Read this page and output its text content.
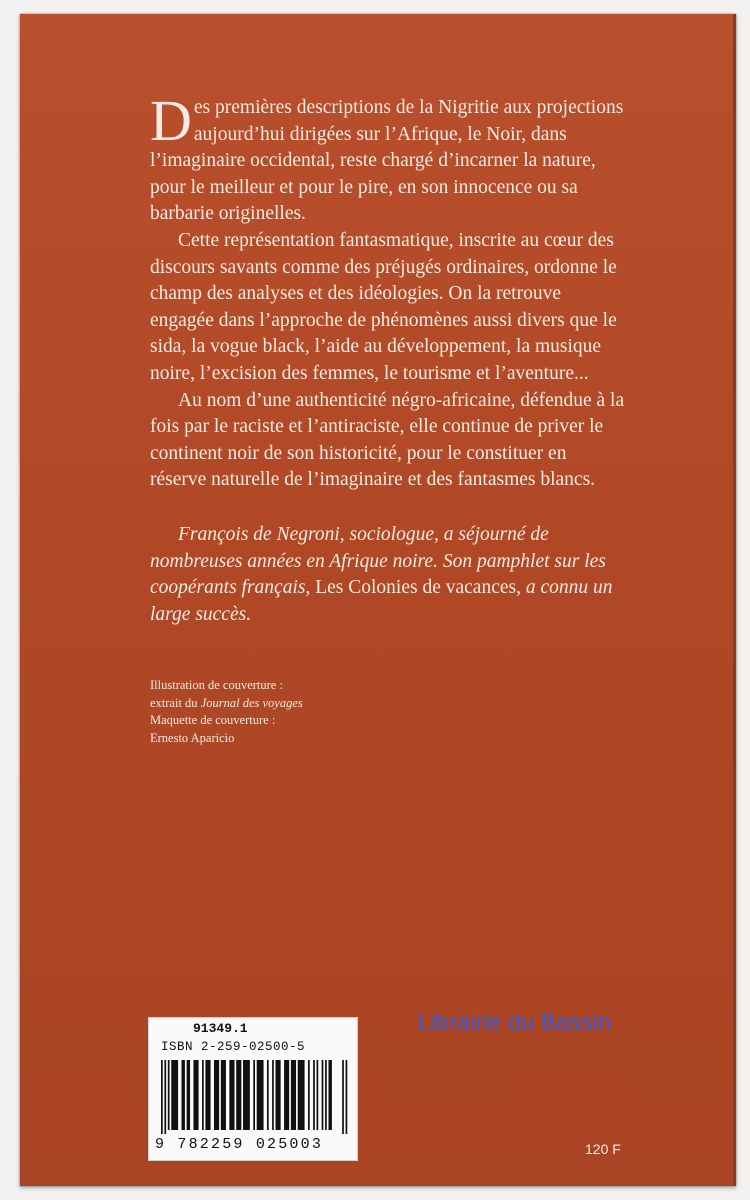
Des premières descriptions de la Nigritie aux projections aujourd’hui dirigées sur l’Afrique, le Noir, dans l’imaginaire occidental, reste chargé d’incarner la nature, pour le meilleur et pour le pire, en son innocence ou sa barbarie originelles.

Cette représentation fantasmatique, inscrite au cœur des discours savants comme des préjugés ordinaires, ordonne le champ des analyses et des idéologies. On la retrouve engagée dans l’approche de phénomènes aussi divers que le sida, la vogue black, l’aide au développement, la musique noire, l’excision des femmes, le tourisme et l’aventure...

Au nom d’une authenticité négro-africaine, défendue à la fois par le raciste et l’antiraciste, elle continue de priver le continent noir de son historicité, pour le constituer en réserve naturelle de l’imaginaire et des fantasmes blancs.

François de Negroni, sociologue, a séjourné de nombreuses années en Afrique noire. Son pamphlet sur les coopérants français, Les Colonies de vacances, a connu un large succès.

Illustration de couverture :
extrait du Journal des voyages
Maquette de couverture :
Ernesto Aparicio
91349.1
ISBN 2-259-02500-5
9 782259 025003	120 F
Librairie du Bassin
